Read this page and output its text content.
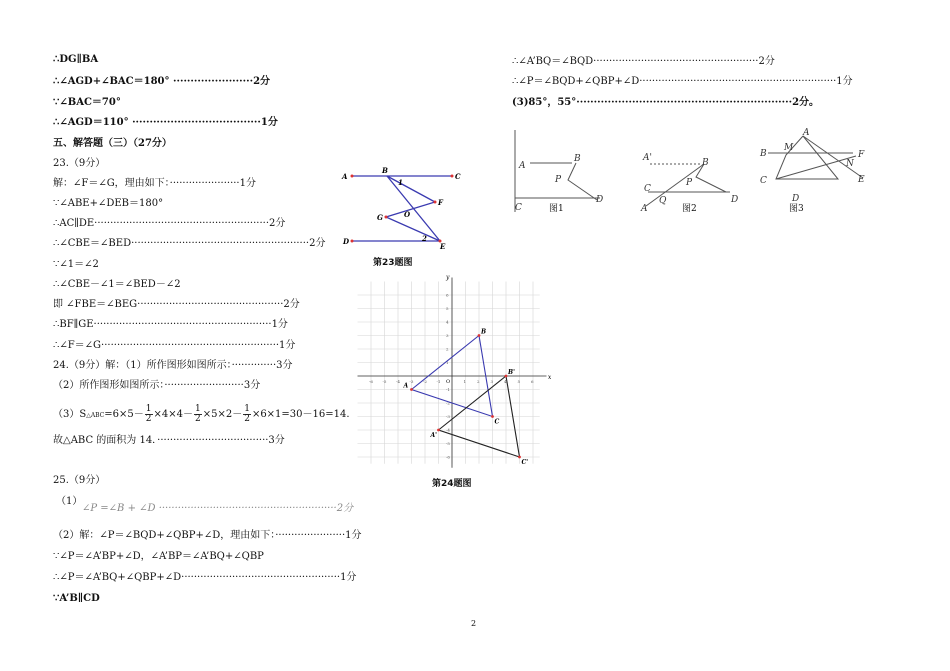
∴DG∥BA
∴∠AGD+∠BAC＝180° ·······················2分
∵∠BAC＝70°
∴∠AGD＝110° ·····································1分
五、解答题（三）（27分）
23.（9分）
解：∠F＝∠G，理由如下：······················1分
∵∠ABE+∠DEB＝180°
∴AC∥DE·······················································2分
∴∠CBE＝∠BED························································2分
∵∠1＝∠2
∴∠CBE－∠1＝∠BED－∠2
即 ∠FBE＝∠BEG··············································2分
∴BF∥GE························································1分
∴∠F＝∠G························································1分
24.（9分）解：（1）所作图形如图所示：··············3分
（2）所作图形如图所示：·························3分
（3）S△ABC=6×5－ $\frac{1}{2} \times 4\times 4- \frac{1}{2} \times 5\times 2- \frac{1}{2} \times 6\times 1=30-16=14$.
故△ABC 的面积为 14．···································3分
25.（9分）
（1）
∠P =∠B + ∠D ························································2分
（2）解：∠P＝∠BQD+∠QBP+∠D，理由如下：······················1分
∵∠P＝∠A’BP+∠D，∠A’BP＝∠A’BQ+∠QBP
∴∠P＝∠A’BQ+∠QBP+∠D··················································1分
∵A’B∥CD
∴∠A’BQ＝∠BQD····················································2分
∴∠P＝∠BQD+∠QBP+∠D······························································1分
(3)85°，55°······························································2分。
A
B
C
D
E
F
G	O
1
2
第23题图
x
y
O
-6 -5 -4 -3 -2 -1	1	2	3	4	5	6
6
5
4
3
2
1
-1
-2
-3
-4
-5
-6
A
B
C
A'
B'
C'
第24题图
A
B
P
C
D
图1
A'	B
P
C
D
A
Q
图2
A
B
M
F
N
C	E
D
图3
2
